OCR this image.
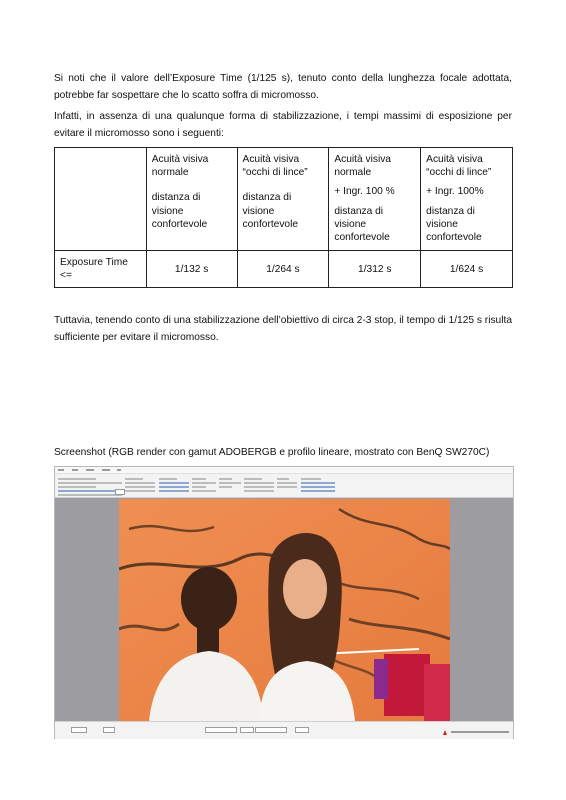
Si noti che il valore dell’Exposure Time (1/125 s), tenuto conto della lunghezza focale adottata, potrebbe far sospettare che lo scatto soffra di micromosso.

Infatti, in assenza di una qualunque forma di stabilizzazione, i tempi massimi di esposizione per evitare il micromosso sono i seguenti:

	Acuità visiva
normale
distanza di visione
confortevole	Acuità visiva
“occhi di lince”
distanza di visione
confortevole	Acuità visiva
normale
+ Ingr. 100 %
distanza di visione
confortevole	Acuità visiva
“occhi di lince”
+ Ingr. 100%
distanza di visione
confortevole

Exposure Time <=	1/132 s	1/264 s	1/312 s	1/624 s

Tuttavia, tenendo conto di una stabilizzazione dell’obiettivo di circa 2-3 stop, il tempo di 1/125 s risulta sufficiente per evitare il micromosso.

Screenshot (RGB render con gamut ADOBERGB e profilo lineare, mostrato con BenQ SW270C)
